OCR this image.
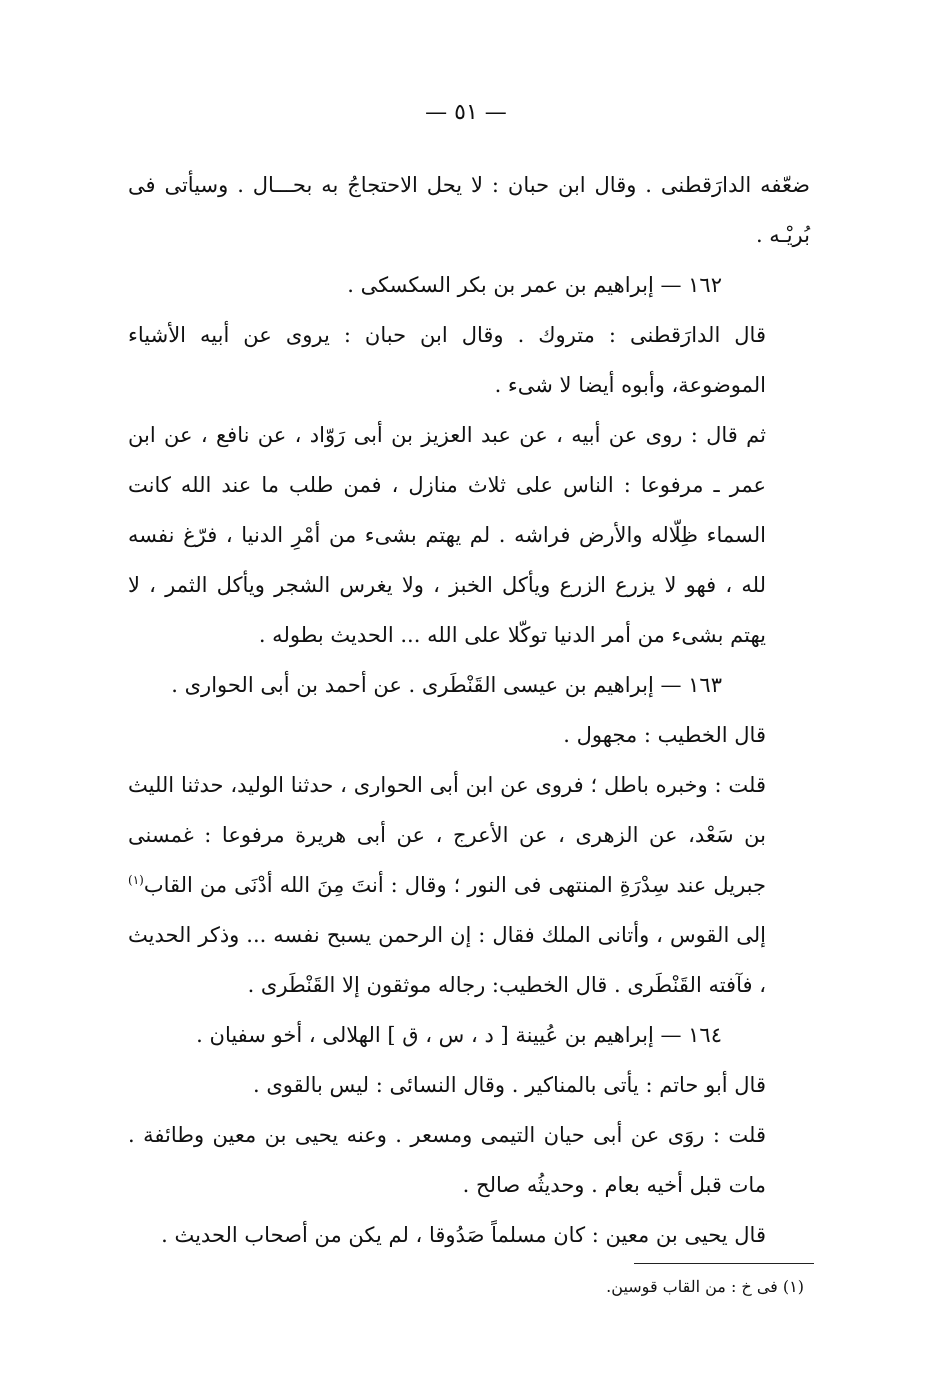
— ٥١ —

ضعّفه الدارَقطنى . وقال ابن حبان : لا يحل الاحتجاجُ به بحـــال . وسيأتى فى بُريْـه .

١٦٢ — إبراهيم بن عمر بن بكر السكسكى .

قال الدارَقطنى : متروك . وقال ابن حبان : يروى عن أبيه الأشياء الموضوعة، وأبوه أيضا لا شىء .

ثم قال : روى عن أبيه ، عن عبد العزيز بن أبى رَوّاد ، عن نافع ، عن ابن عمر ـ مرفوعا : الناس على ثلاث منازل ، فمن طلب ما عند الله كانت السماء ظِلّاله والأرض فراشه . لم يهتم بشىء من أمْرِ الدنيا ، فرّغ نفسه لله ، فهو لا يزرع الزرع ويأكل الخبز ، ولا يغرس الشجر ويأكل الثمر ، لا يهتم بشىء من أمر الدنيا توكّلا على الله ... الحديث بطوله .

١٦٣ — إبراهيم بن عيسى القَنْطَرى . عن أحمد بن أبى الحوارى .

قال الخطيب : مجهول .

قلت : وخبره باطل ؛ فروى عن ابن أبى الحوارى ، حدثنا الوليد، حدثنا الليث بن سَعْد، عن الزهرى ، عن الأعرج ، عن أبى هريرة مرفوعا : غمسنى جبريل عند سِدْرَةِ المنتهى فى النور ؛ وقال : أنتَ مِنَ الله أدْنَى من القاب$^{(١)}$ إلى القوس ، وأتانى الملك فقال : إن الرحمن يسبح نفسه ... وذكر الحديث ، فآفته القَنْطَرى . قال الخطيب: رجاله موثقون إلا القَنْطَرى .

١٦٤ — إبراهيم بن عُيينة [ د ، س ، ق ] الهلالى ، أخو سفيان .

قال أبو حاتم : يأتى بالمناكير . وقال النسائى : ليس بالقوى .

قلت : روَى عن أبى حيان التيمى ومسعر . وعنه يحيى بن معين وطائفة . مات قبل أخيه بعام . وحديثُه صالح .

قال يحيى بن معين : كان مسلماً صَدُوقا ، لم يكن من أصحاب الحديث .

(١) فى خ : من القاب قوسين.
